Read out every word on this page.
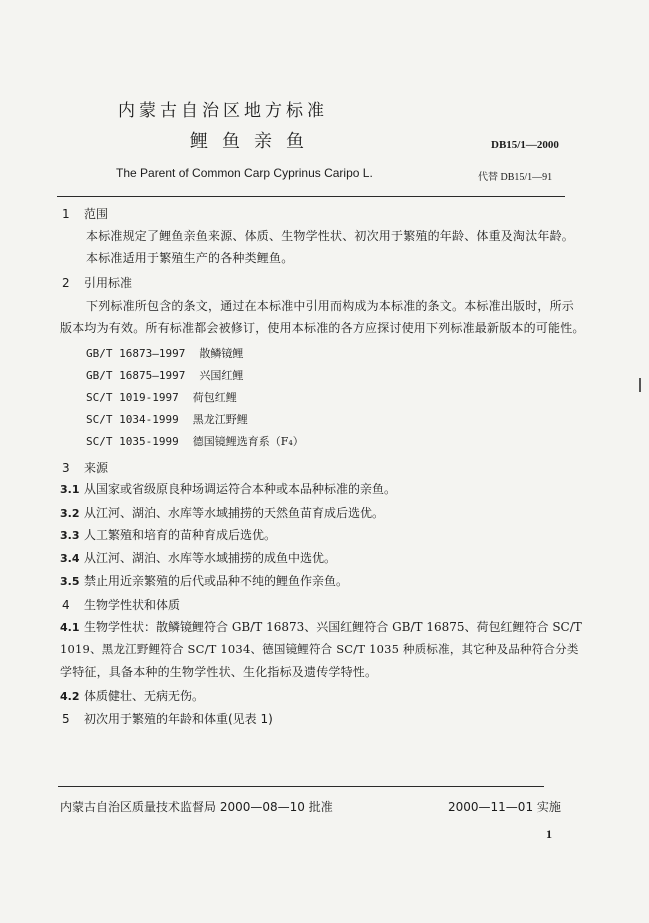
内蒙古自治区地方标准
鲤鱼亲鱼	DB15/1—2000
The Parent of Common Carp Cyprinus Caripo L.	代替 DB15/1—91
1 范围
本标准规定了鲤鱼亲鱼来源、体质、生物学性状、初次用于繁殖的年龄、体重及淘汰年龄。
本标准适用于繁殖生产的各种类鲤鱼。
2 引用标准
下列标准所包含的条文，通过在本标准中引用而构成为本标准的条文。本标准出版时，所示
版本均为有效。所有标准都会被修订，使用本标准的各方应探讨使用下列标准最新版本的可能性。
GB/T 16873—1997 散鳞镜鲤
GB/T 16875—1997 兴国红鲤
SC/T 1019-1997 荷包红鲤
SC/T 1034-1999 黑龙江野鲤
SC/T 1035-1999 德国镜鲤选育系（F₄）
3 来源
3.1 从国家或省级原良种场调运符合本种或本品种标准的亲鱼。
3.2 从江河、湖泊、水库等水域捕捞的天然鱼苗育成后选优。
3.3 人工繁殖和培育的苗种育成后选优。
3.4 从江河、湖泊、水库等水域捕捞的成鱼中选优。
3.5 禁止用近亲繁殖的后代或品种不纯的鲤鱼作亲鱼。
4 生物学性状和体质
4.1 生物学性状：散鳞镜鲤符合 GB/T 16873、兴国红鲤符合 GB/T 16875、荷包红鲤符合 SC/T
1019、黑龙江野鲤符合 SC/T 1034、德国镜鲤符合 SC/T 1035 种质标准，其它种及品种符合分类
学特征，具备本种的生物学性状、生化指标及遗传学特性。
4.2 体质健壮、无病无伤。
5 初次用于繁殖的年龄和体重(见表 1)
内蒙古自治区质量技术监督局 2000—08—10 批准	2000—11—01 实施
1
